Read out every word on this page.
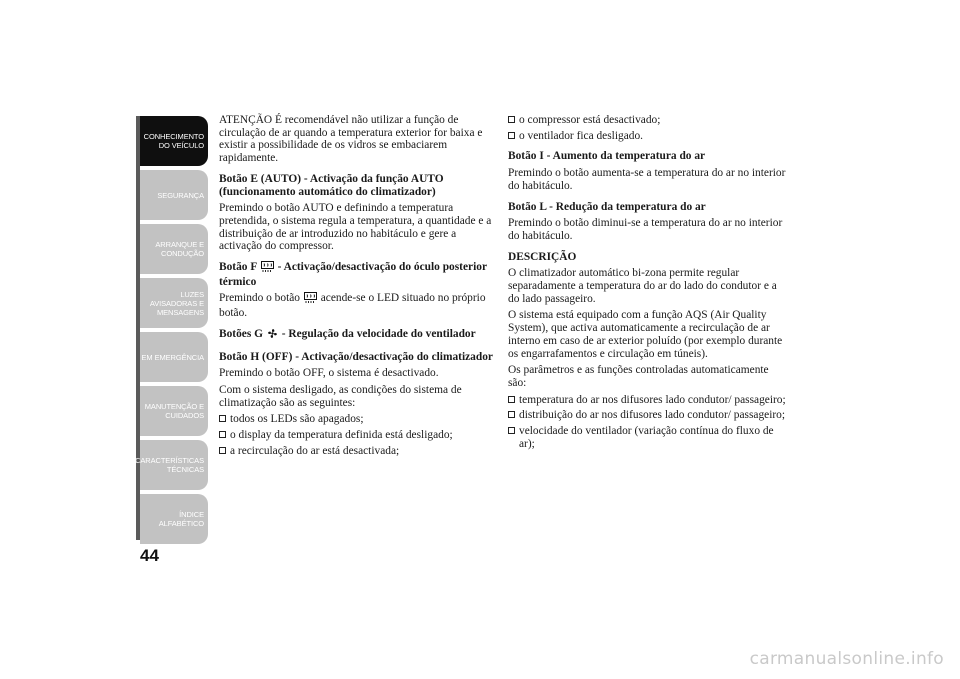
CONHECIMENTO
DO VEÍCULO
SEGURANÇA
ARRANQUE E
CONDUÇÃO
LUZES
AVISADORAS E
MENSAGENS
EM EMERGÊNCIA
MANUTENÇÃO E
CUIDADOS
CARACTERÍSTICAS
TÉCNICAS
ÍNDICE
ALFABÉTICO
44

ATENÇÃO É recomendável não utilizar a função de circulação de ar quando a temperatura exterior for baixa e existir a possibilidade de os vidros se embaciarem rapidamente.

Botão E (AUTO) - Activação da função AUTO (funcionamento automático do climatizador)

Premindo o botão AUTO e definindo a temperatura pretendida, o sistema regula a temperatura, a quantidade e a distribuição de ar introduzido no habitáculo e gere a activação do compressor.

Botão F - Activação/desactivação do óculo posterior térmico

Premindo o botão acende-se o LED situado no próprio botão.

Botões G - Regulação da velocidade do ventilador

Botão H (OFF) - Activação/desactivação do climatizador

Premindo o botão OFF, o sistema é desactivado.

Com o sistema desligado, as condições do sistema de climatização são as seguintes:

todos os LEDs são apagados;
o display da temperatura definida está desligado;
a recirculação do ar está desactivada;
o compressor está desactivado;
o ventilador fica desligado.

Botão I - Aumento da temperatura do ar

Premindo o botão aumenta-se a temperatura do ar no interior do habitáculo.

Botão L - Redução da temperatura do ar

Premindo o botão diminui-se a temperatura do ar no interior do habitáculo.

DESCRIÇÃO

O climatizador automático bi-zona permite regular separadamente a temperatura do ar do lado do condutor e a do lado passageiro.

O sistema está equipado com a função AQS (Air Quality System), que activa automaticamente a recirculação de ar interno em caso de ar exterior poluído (por exemplo durante os engarrafamentos e circulação em túneis).

Os parâmetros e as funções controladas automaticamente são:

temperatura do ar nos difusores lado condutor/ passageiro;
distribuição do ar nos difusores lado condutor/ passageiro;
velocidade do ventilador (variação contínua do fluxo de ar);
carmanualsonline.info
